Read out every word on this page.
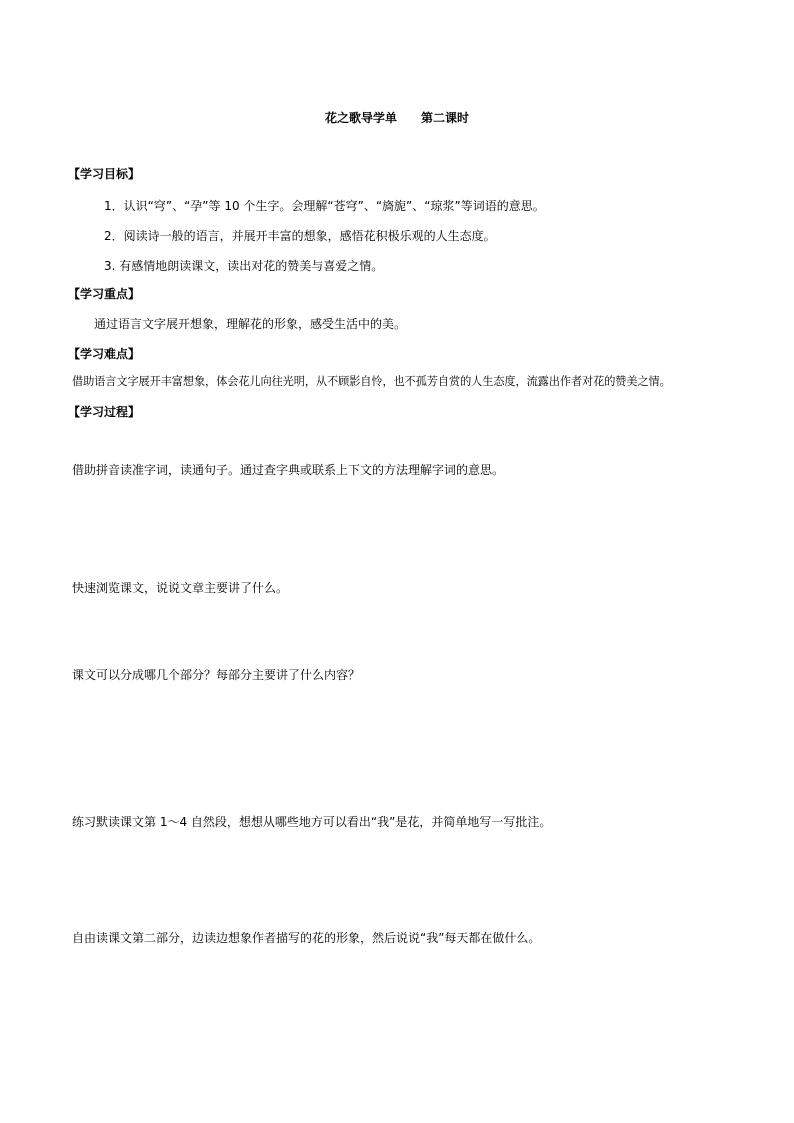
花之歌导学单 第二课时
【学习目标】
1．认识“穹”、“孕”等 10 个生字。会理解“苍穹”、“旖旎”、“琼浆”等词语的意思。
2．阅读诗一般的语言，并展开丰富的想象，感悟花积极乐观的人生态度。
3. 有感情地朗读课文，读出对花的赞美与喜爱之情。
【学习重点】
通过语言文字展开想象，理解花的形象，感受生活中的美。
【学习难点】
借助语言文字展开丰富想象，体会花儿向往光明，从不顾影自怜，也不孤芳自赏的人生态度，流露出作者对花的赞美之情。
【学习过程】
借助拼音读准字词，读通句子。通过查字典或联系上下文的方法理解字词的意思。
快速浏览课文，说说文章主要讲了什么。
课文可以分成哪几个部分？每部分主要讲了什么内容？
练习默读课文第 1～4 自然段，想想从哪些地方可以看出“我”是花，并简单地写一写批注。
自由读课文第二部分，边读边想象作者描写的花的形象，然后说说“我”每天都在做什么。
